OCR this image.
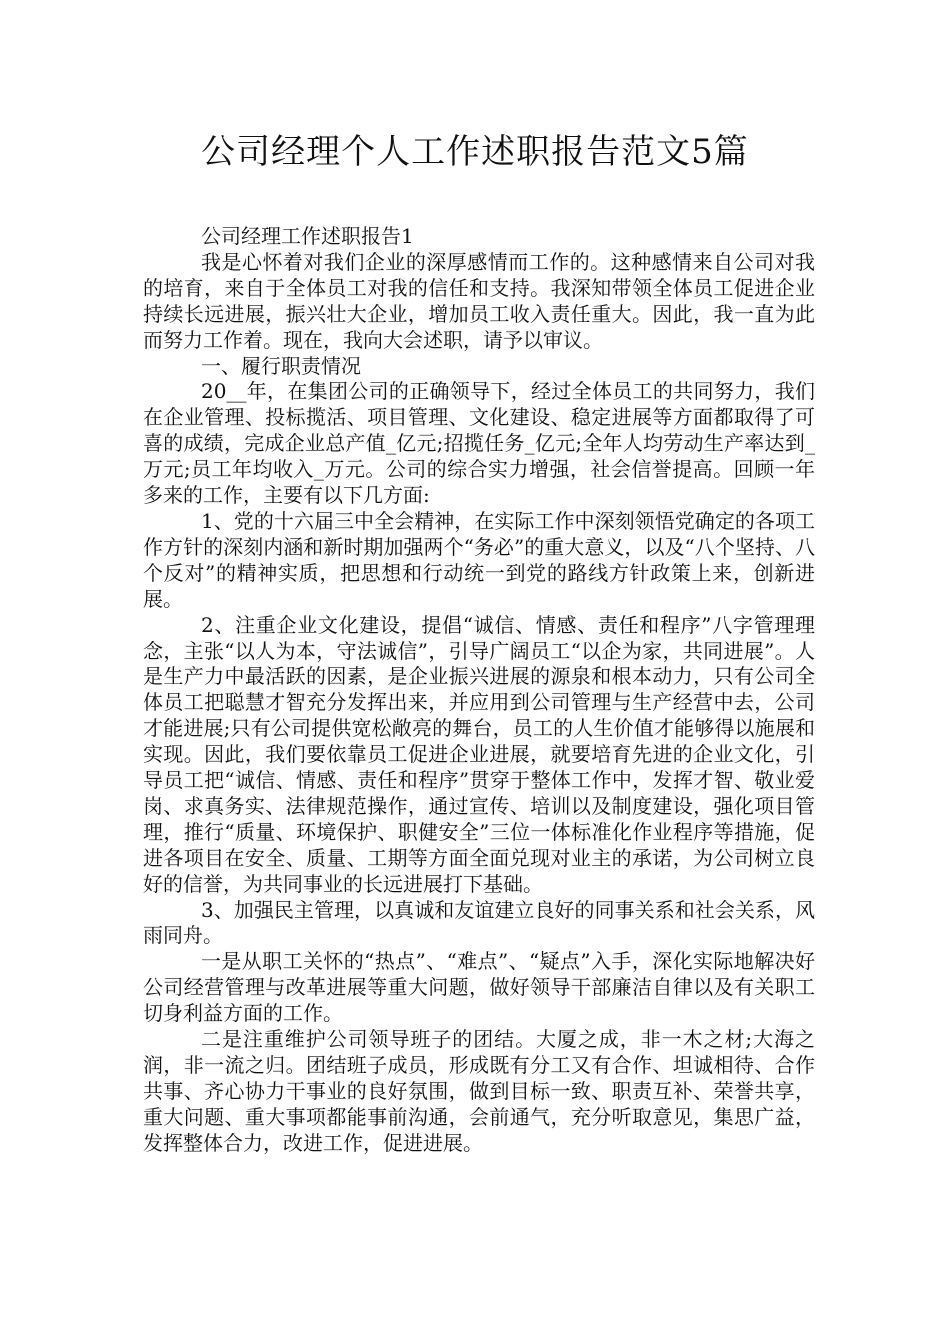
公司经理个人工作述职报告范文5篇

公司经理工作述职报告1

我是心怀着对我们企业的深厚感情而工作的。这种感情来自公司对我的培育，来自于全体员工对我的信任和支持。我深知带领全体员工促进企业持续长远进展，振兴壮大企业，增加员工收入责任重大。因此，我一直为此而努力工作着。现在，我向大会述职，请予以审议。

一、履行职责情况

20__年，在集团公司的正确领导下，经过全体员工的共同努力，我们在企业管理、投标揽活、项目管理、文化建设、稳定进展等方面都取得了可喜的成绩，完成企业总产值_亿元;招揽任务_亿元;全年人均劳动生产率达到_万元;员工年均收入_万元。公司的综合实力增强，社会信誉提高。回顾一年多来的工作，主要有以下几方面:

1、党的十六届三中全会精神，在实际工作中深刻领悟党确定的各项工作方针的深刻内涵和新时期加强两个“务必”的重大意义，以及“八个坚持、八个反对”的精神实质，把思想和行动统一到党的路线方针政策上来，创新进展。

2、注重企业文化建设，提倡“诚信、情感、责任和程序”八字管理理念，主张“以人为本，守法诚信”，引导广阔员工“以企为家，共同进展”。人是生产力中最活跃的因素，是企业振兴进展的源泉和根本动力，只有公司全体员工把聪慧才智充分发挥出来，并应用到公司管理与生产经营中去，公司才能进展;只有公司提供宽松敞亮的舞台，员工的人生价值才能够得以施展和实现。因此，我们要依靠员工促进企业进展，就要培育先进的企业文化，引导员工把“诚信、情感、责任和程序”贯穿于整体工作中，发挥才智、敬业爱岗、求真务实、法律规范操作，通过宣传、培训以及制度建设，强化项目管理，推行“质量、环境保护、职健安全”三位一体标准化作业程序等措施，促进各项目在安全、质量、工期等方面全面兑现对业主的承诺，为公司树立良好的信誉，为共同事业的长远进展打下基础。

3、加强民主管理，以真诚和友谊建立良好的同事关系和社会关系，风雨同舟。

一是从职工关怀的“热点”、“难点”、“疑点”入手，深化实际地解决好公司经营管理与改革进展等重大问题，做好领导干部廉洁自律以及有关职工切身利益方面的工作。

二是注重维护公司领导班子的团结。大厦之成，非一木之材;大海之润，非一流之归。团结班子成员，形成既有分工又有合作、坦诚相待、合作共事、齐心协力干事业的良好氛围，做到目标一致、职责互补、荣誉共享，重大问题、重大事项都能事前沟通，会前通气，充分听取意见，集思广益，发挥整体合力，改进工作，促进进展。
